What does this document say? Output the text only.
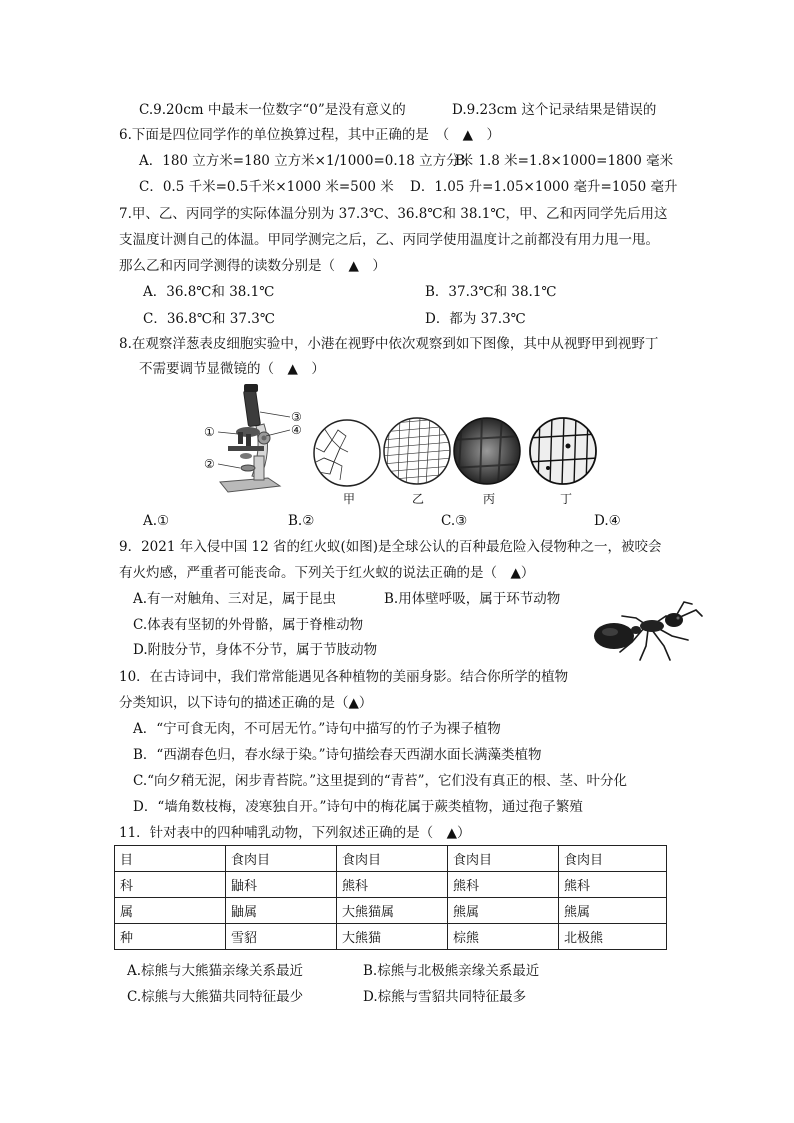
C.9.20cm 中最末一位数字“0”是没有意义的	D.9.23cm 这个记录结果是错误的
6.下面是四位同学作的单位换算过程，其中正确的是　（　▲　）
A．180 立方米=180 立方米×1/1000=0.18 立方分米
B．1.8 米=1.8×1000=1800 毫米
C．0.5 千米=0.5千米×1000 米=500 米 D．1.05 升=1.05×1000 毫升=1050 毫升
7.甲、乙、丙同学的实际体温分别为 37.3℃、36.8℃和 38.1℃，甲、乙和丙同学先后用这
支温度计测自己的体温。甲同学测完之后，乙、丙同学使用温度计之前都没有用力甩一甩。
那么乙和丙同学测得的读数分别是（　▲　）
A．36.8℃和 38.1℃	B．37.3℃和 38.1℃
C．36.8℃和 37.3℃	D．都为 37.3℃
8.在观察洋葱表皮细胞实验中，小港在视野中依次观察到如下图像，其中从视野甲到视野丁
不需要调节显微镜的（　▲　）
①
②
③
④
甲	乙	丙	丁
A.①	B.②	C.③	D.④
9．2021 年入侵中国 12 省的红火蚁(如图)是全球公认的百种最危险入侵物种之一，被咬会
有火灼感，严重者可能丧命。下列关于红火蚁的说法正确的是（　▲）
A.有一对触角、三对足，属于昆虫	B.用体壁呼吸，属于环节动物
C.体表有坚韧的外骨骼，属于脊椎动物
D.附肢分节，身体不分节，属于节肢动物
10．在古诗词中，我们常常能遇见各种植物的美丽身影。结合你所学的植物
分类知识，以下诗句的描述正确的是（▲）
A．“宁可食无肉，不可居无竹。”诗句中描写的竹子为裸子植物
B．“西湖春色归，春水绿于染。”诗句描绘春天西湖水面长满藻类植物
C.“向夕稍无泥，闲步青苔院。”这里提到的“青苔”，它们没有真正的根、茎、叶分化
D．“墙角数枝梅，凌寒独自开。”诗句中的梅花属于蕨类植物，通过孢子繁殖
11．针对表中的四种哺乳动物，下列叙述正确的是（　▲）
目	食肉目	食肉目	食肉目	食肉目
科	鼬科	熊科	熊科	熊科
属	鼬属	大熊猫属	熊属	熊属
种	雪貂	大熊猫	棕熊	北极熊
A.棕熊与大熊猫亲缘关系最近	B.棕熊与北极熊亲缘关系最近
C.棕熊与大熊猫共同特征最少	D.棕熊与雪貂共同特征最多
